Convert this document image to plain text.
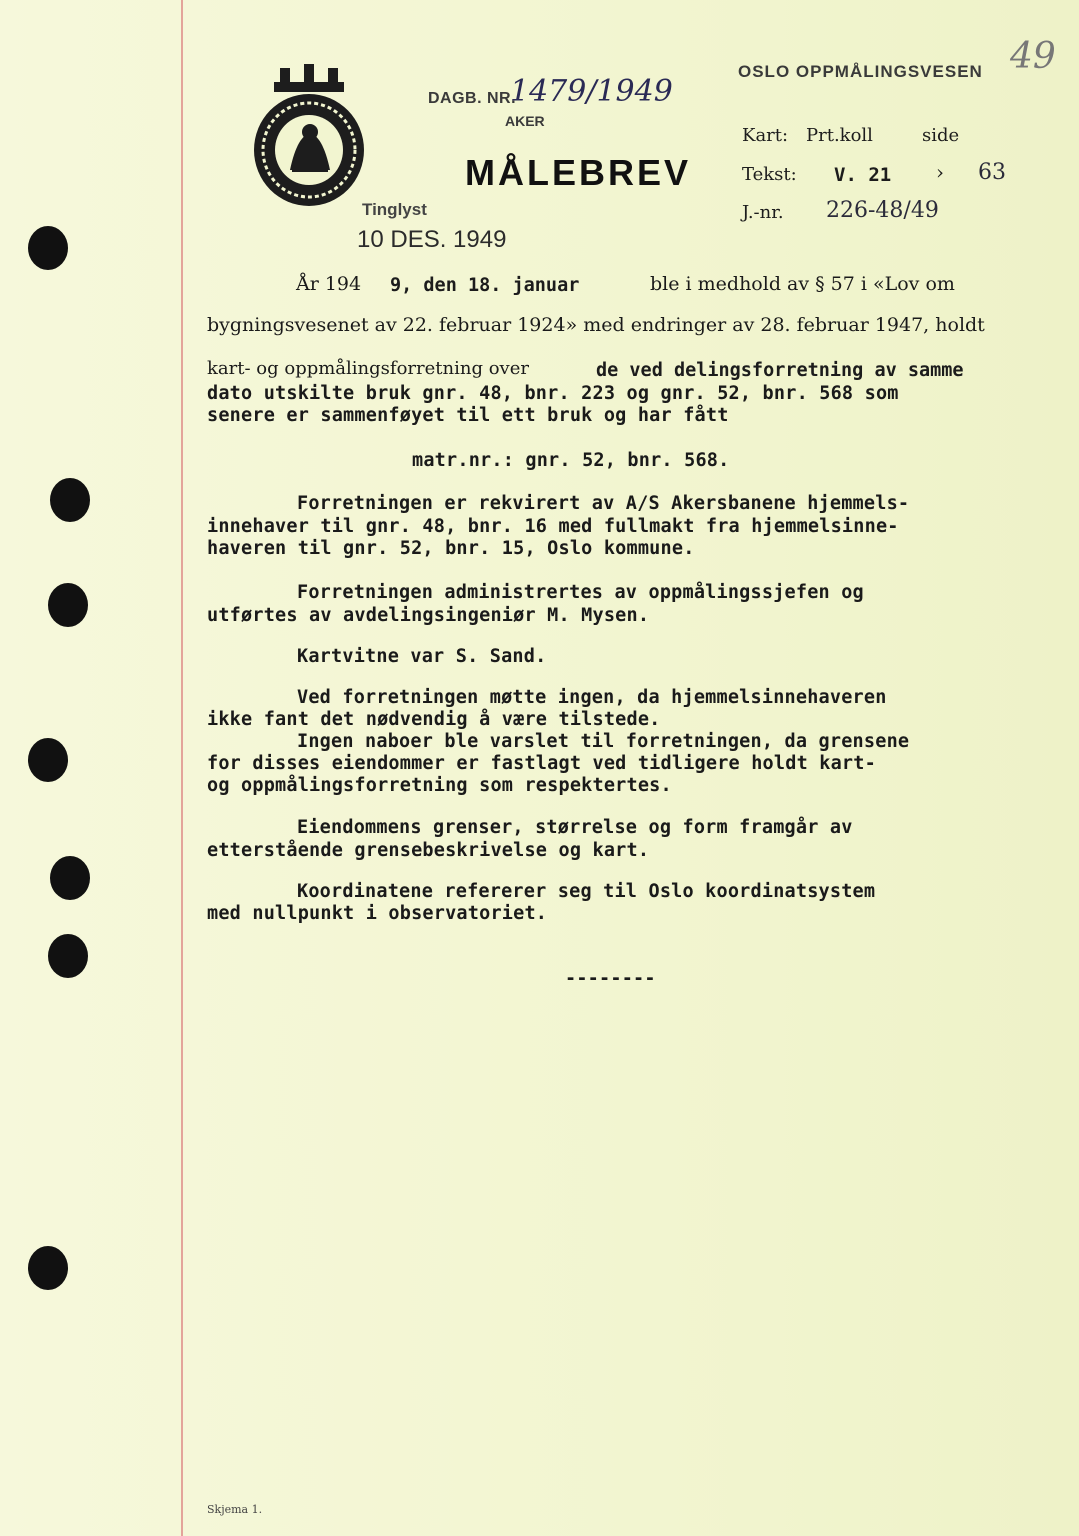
DAGB. NR.
1479/1949
AKER
MÅLEBREV
Tinglyst
10 DES. 1949
OSLO OPPMÅLINGSVESEN 49
Kart: Prt.koll	side
Tekst: V. 21 › 63
J.-nr. 226-48/49
År 194 9, den 18. januar	ble i medhold av § 57 i «Lov om
bygningsvesenet av 22. februar 1924» med endringer av 28. februar 1947, holdt
kart- og oppmålingsforretning over	de ved delingsforretning av samme
dato utskilte bruk gnr. 48, bnr. 223 og gnr. 52, bnr. 568 som
senere er sammenføyet til ett bruk og har fått
matr.nr.: gnr. 52, bnr. 568.
Forretningen er rekvirert av A/S Akersbanene hjemmels-
innehaver til gnr. 48, bnr. 16 med fullmakt fra hjemmelsinne-
haveren til gnr. 52, bnr. 15, Oslo kommune.
Forretningen administrertes av oppmålingssjefen og
utførtes av avdelingsingeniør M. Mysen.
Kartvitne var S. Sand.
Ved forretningen møtte ingen, da hjemmelsinnehaveren
ikke fant det nødvendig å være tilstede.
Ingen naboer ble varslet til forretningen, da grensene
for disses eiendommer er fastlagt ved tidligere holdt kart-
og oppmålingsforretning som respektertes.
Eiendommens grenser, størrelse og form framgår av
etterstående grensebeskrivelse og kart.
Koordinatene refererer seg til Oslo koordinatsystem
med nullpunkt i observatoriet.
--------
Skjema 1.
